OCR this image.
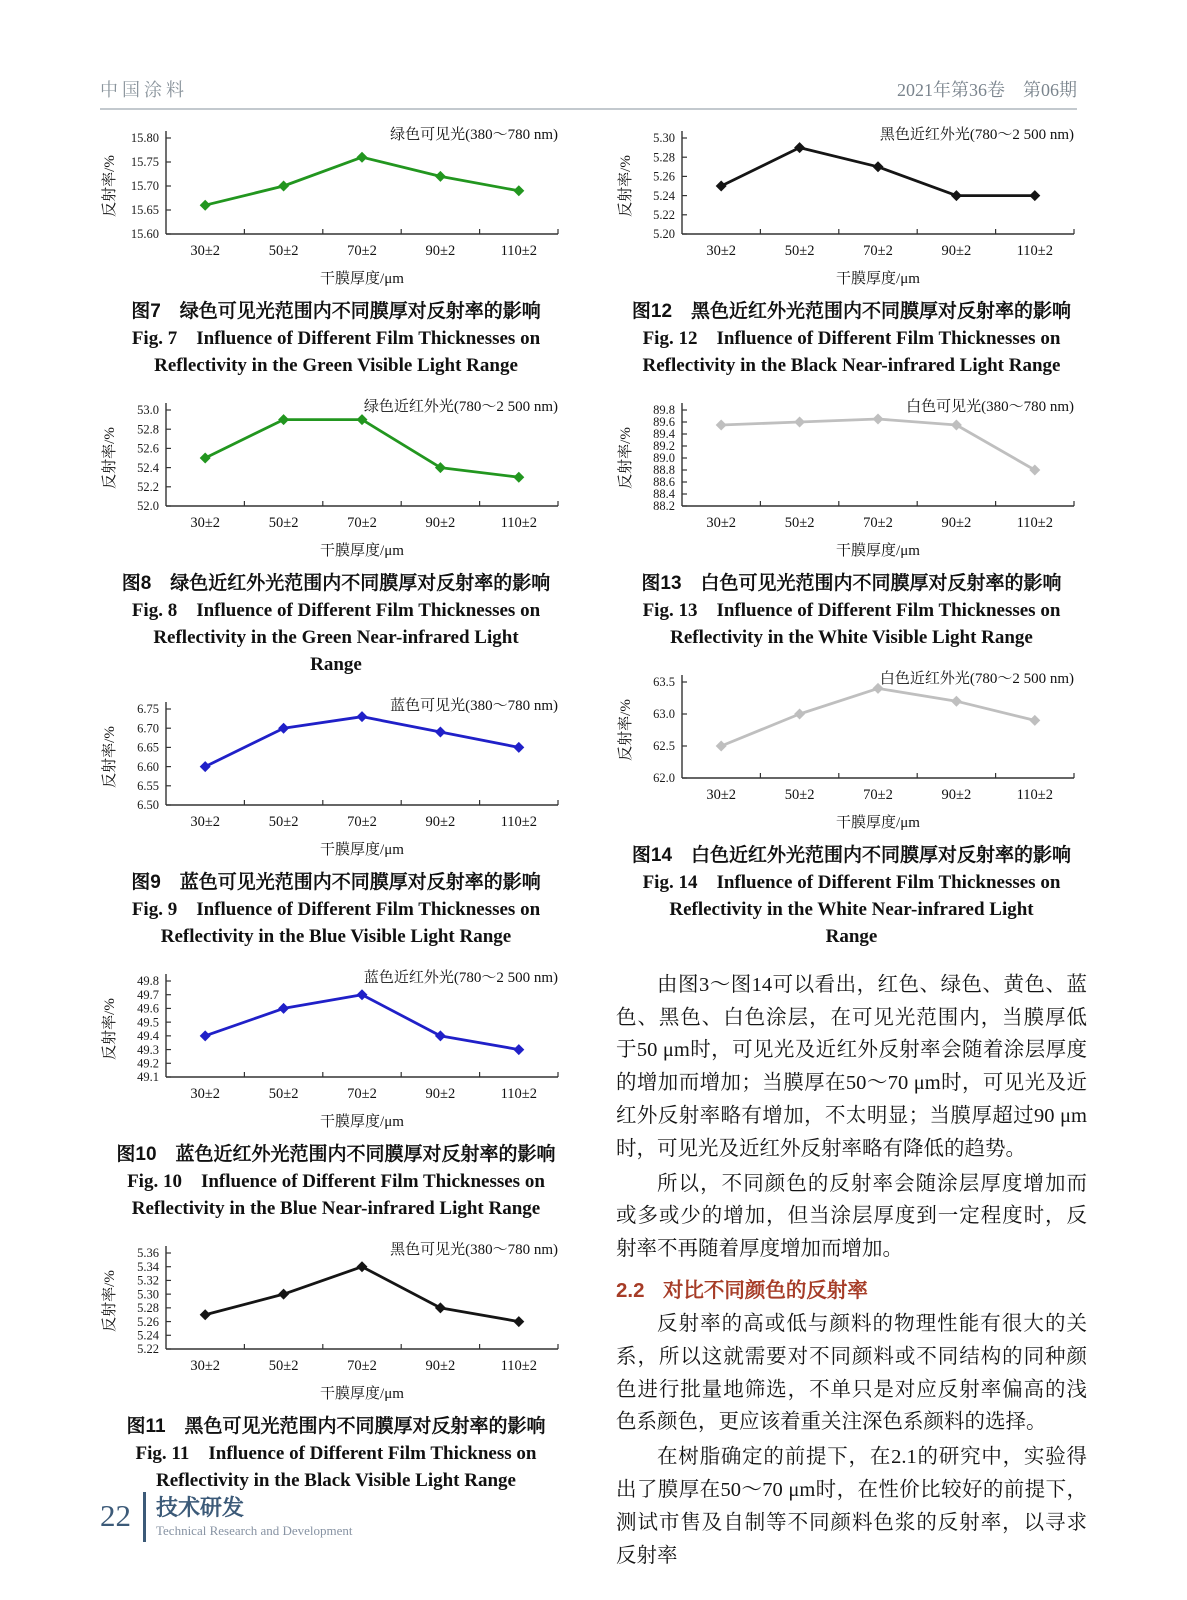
中国涂料	2021年第36卷　第06期
15.60
15.65
15.70
15.75
15.80
30±2	50±2	70±2	90±2	110±2
绿色可见光(380～780 nm)
干膜厚度/μm
反射率/%
图7　绿色可见光范围内不同膜厚对反射率的影响
Fig. 7　Influence of Different Film Thicknesses on Reflectivity in the Green Visible Light Range
52.0
52.2
52.4
52.6
52.8
53.0
30±2	50±2	70±2	90±2	110±2
绿色近红外光(780～2 500 nm)
干膜厚度/μm
反射率/%
图8　绿色近红外光范围内不同膜厚对反射率的影响
Fig. 8　Influence of Different Film Thicknesses on Reflectivity in the Green Near-infrared Light Range
6.50
6.55
6.60
6.65
6.70
6.75
30±2	50±2	70±2	90±2	110±2
蓝色可见光(380～780 nm)
干膜厚度/μm
反射率/%
图9　蓝色可见光范围内不同膜厚对反射率的影响
Fig. 9　Influence of Different Film Thicknesses on Reflectivity in the Blue Visible Light Range
49.1
49.2
49.3
49.4
49.5
49.6
49.7
49.8
30±2	50±2	70±2	90±2	110±2
蓝色近红外光(780～2 500 nm)
干膜厚度/μm
反射率/%
图10　蓝色近红外光范围内不同膜厚对反射率的影响
Fig. 10　Influence of Different Film Thicknesses on Reflectivity in the Blue Near-infrared Light Range
5.22
5.24
5.26
5.28
5.30
5.32
5.34
5.36
30±2	50±2	70±2	90±2	110±2
黑色可见光(380～780 nm)
干膜厚度/μm
反射率/%
图11　黑色可见光范围内不同膜厚对反射率的影响
Fig. 11　Influence of Different Film Thickness on Reflectivity in the Black Visible Light Range
5.20
5.22
5.24
5.26
5.28
5.30
30±2	50±2	70±2	90±2	110±2
黑色近红外光(780～2 500 nm)
干膜厚度/μm
反射率/%
图12　黑色近红外光范围内不同膜厚对反射率的影响
Fig. 12　Influence of Different Film Thicknesses on Reflectivity in the Black Near-infrared Light Range
88.2
88.4
88.6
88.8
89.0
89.2
89.4
89.6
89.8
30±2	50±2	70±2	90±2	110±2
白色可见光(380～780 nm)
干膜厚度/μm
反射率/%
图13　白色可见光范围内不同膜厚对反射率的影响
Fig. 13　Influence of Different Film Thicknesses on Reflectivity in the White Visible Light Range
62.0
62.5
63.0
63.5
30±2	50±2	70±2	90±2	110±2
白色近红外光(780～2 500 nm)
干膜厚度/μm
反射率/%
图14　白色近红外光范围内不同膜厚对反射率的影响
Fig. 14　Influence of Different Film Thicknesses on Reflectivity in the White Near-infrared Light Range

由图3～图14可以看出，红色、绿色、黄色、蓝色、黑色、白色涂层，在可见光范围内，当膜厚低于50 μm时，可见光及近红外反射率会随着涂层厚度的增加而增加；当膜厚在50～70 μm时，可见光及近红外反射率略有增加，不太明显；当膜厚超过90 μm时，可见光及近红外反射率略有降低的趋势。

所以，不同颜色的反射率会随涂层厚度增加而或多或少的增加，但当涂层厚度到一定程度时，反射率不再随着厚度增加而增加。

2.2 对比不同颜色的反射率

反射率的高或低与颜料的物理性能有很大的关系，所以这就需要对不同颜料或不同结构的同种颜色进行批量地筛选，不单只是对应反射率偏高的浅色系颜色，更应该着重关注深色系颜料的选择。

在树脂确定的前提下，在2.1的研究中，实验得出了膜厚在50～70 μm时，在性价比较好的前提下，测试市售及自制等不同颜料色浆的反射率，以寻求反射率

22 技术研发
Technical Research and Development
